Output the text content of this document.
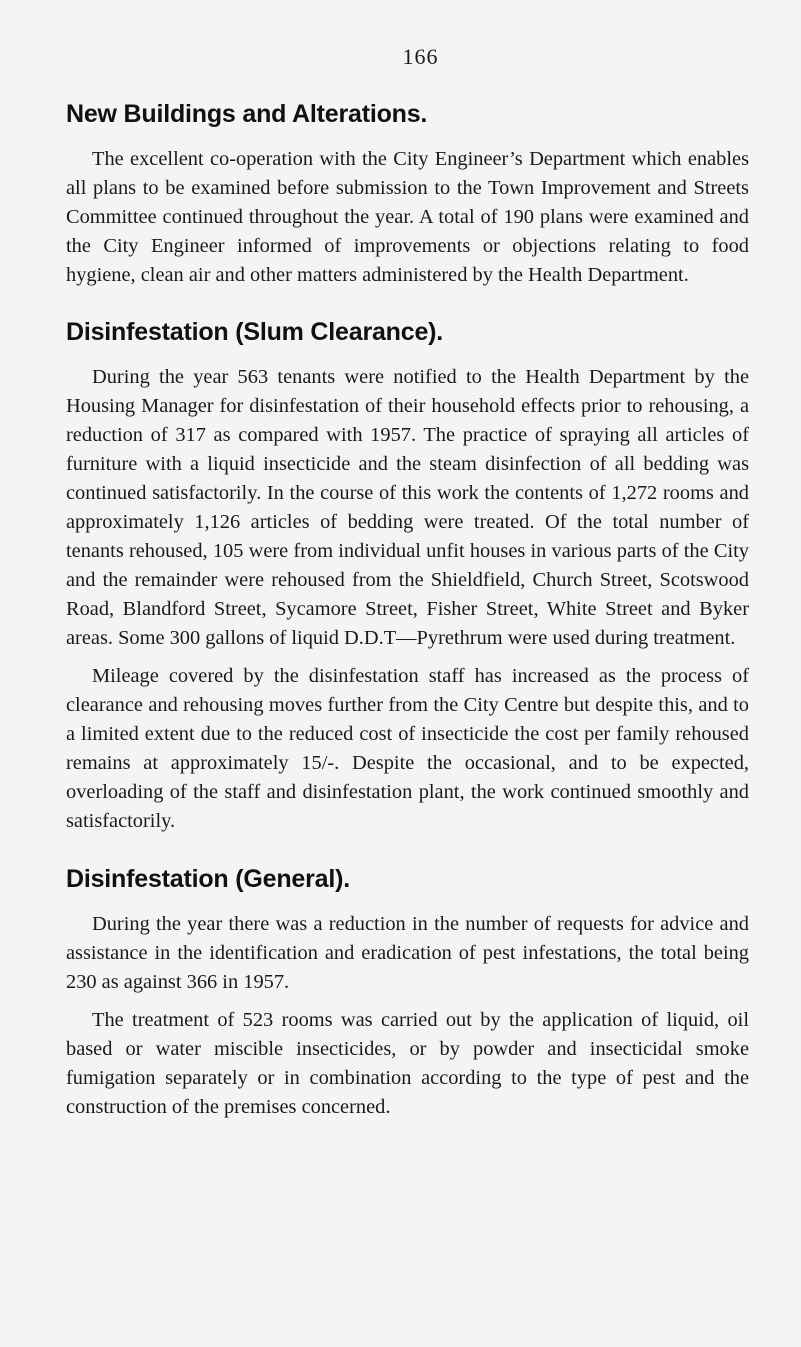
166
New Buildings and Alterations.

The excellent co-operation with the City Engineer’s Department which enables all plans to be examined before submission to the Town Improvement and Streets Committee continued throughout the year. A total of 190 plans were examined and the City Engineer informed of improvements or objections relating to food hygiene, clean air and other matters administered by the Health Department.

Disinfestation (Slum Clearance).

During the year 563 tenants were notified to the Health Department by the Housing Manager for disinfestation of their household effects prior to rehousing, a reduction of 317 as compared with 1957. The practice of spraying all articles of furniture with a liquid insecticide and the steam disinfection of all bedding was continued satisfactorily. In the course of this work the contents of 1,272 rooms and approximately 1,126 articles of bedding were treated. Of the total number of tenants rehoused, 105 were from individual unfit houses in various parts of the City and the remainder were rehoused from the Shieldfield, Church Street, Scotswood Road, Blandford Street, Sycamore Street, Fisher Street, White Street and Byker areas. Some 300 gallons of liquid D.D.T—Pyrethrum were used during treatment.

Mileage covered by the disinfestation staff has increased as the process of clearance and rehousing moves further from the City Centre but despite this, and to a limited extent due to the reduced cost of insecticide the cost per family rehoused remains at approximately 15/-. Despite the occasional, and to be expected, overloading of the staff and disinfestation plant, the work continued smoothly and satisfactorily.

Disinfestation (General).

During the year there was a reduction in the number of requests for advice and assistance in the identification and eradication of pest infestations, the total being 230 as against 366 in 1957.

The treatment of 523 rooms was carried out by the application of liquid, oil based or water miscible insecticides, or by powder and insecticidal smoke fumigation separately or in combination according to the type of pest and the construction of the premises concerned.
